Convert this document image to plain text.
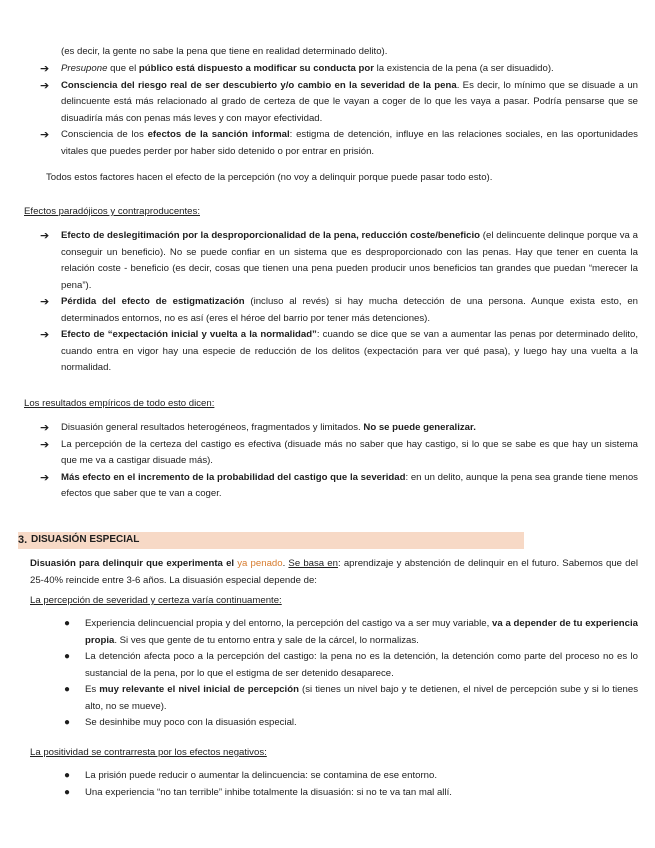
(es decir, la gente no sabe la pena que tiene en realidad determinado delito).

➔ Presupone que el público está dispuesto a modificar su conducta por la existencia de la pena (a ser disuadido).
➔ Consciencia del riesgo real de ser descubierto y/o cambio en la severidad de la pena. Es decir, lo mínimo que se disuade a un delincuente está más relacionado al grado de certeza de que le vayan a coger de lo que les vaya a pasar. Podría pensarse que se disuadiría más con penas más leves y con mayor efectividad.
➔ Consciencia de los efectos de la sanción informal: estigma de detención, influye en las relaciones sociales, en las oportunidades vitales que puedes perder por haber sido detenido o por entrar en prisión.

Todos estos factores hacen el efecto de la percepción (no voy a delinquir porque puede pasar todo esto).

Efectos paradójicos y contraproducentes:

➔ Efecto de deslegitimación por la desproporcionalidad de la pena, reducción coste/beneficio (el delincuente delinque porque va a conseguir un beneficio). No se puede confiar en un sistema que es desproporcionado con las penas. Hay que tener en cuenta la relación coste - beneficio (es decir, cosas que tienen una pena pueden producir unos beneficios tan grandes que puedan “merecer la pena”).
➔ Pérdida del efecto de estigmatización (incluso al revés) si hay mucha detección de una persona. Aunque exista esto, en determinados entornos, no es así (eres el héroe del barrio por tener más detenciones).
➔ Efecto de “expectación inicial y vuelta a la normalidad”: cuando se dice que se van a aumentar las penas por determinado delito, cuando entra en vigor hay una especie de reducción de los delitos (expectación para ver qué pasa), y luego hay una vuelta a la normalidad.

Los resultados empíricos de todo esto dicen:

➔ Disuasión general resultados heterogéneos, fragmentados y limitados. No se puede generalizar.
➔ La percepción de la certeza del castigo es efectiva (disuade más no saber que hay castigo, si lo que se sabe es que hay un sistema que me va a castigar disuade más).
➔ Más efecto en el incremento de la probabilidad del castigo que la severidad: en un delito, aunque la pena sea grande tiene menos efectos que saber que te van a coger.
3. DISUASIÓN ESPECIAL

Disuasión para delinquir que experimenta el ya penado. Se basa en: aprendizaje y abstención de delinquir en el futuro. Sabemos que del 25-40% reincide entre 3-6 años. La disuasión especial depende de:

La percepción de severidad y certeza varía continuamente:

● Experiencia delincuencial propia y del entorno, la percepción del castigo va a ser muy variable, va a depender de tu experiencia propia. Si ves que gente de tu entorno entra y sale de la cárcel, lo normalizas.
● La detención afecta poco a la percepción del castigo: la pena no es la detención, la detención como parte del proceso no es lo sustancial de la pena, por lo que el estigma de ser detenido desaparece.
● Es muy relevante el nivel inicial de percepción (si tienes un nivel bajo y te detienen, el nivel de percepción sube y si lo tienes alto, no se mueve).
● Se desinhibe muy poco con la disuasión especial.

La positividad se contrarresta por los efectos negativos:

● La prisión puede reducir o aumentar la delincuencia: se contamina de ese entorno.
● Una experiencia “no tan terrible” inhibe totalmente la disuasión: si no te va tan mal allí.
